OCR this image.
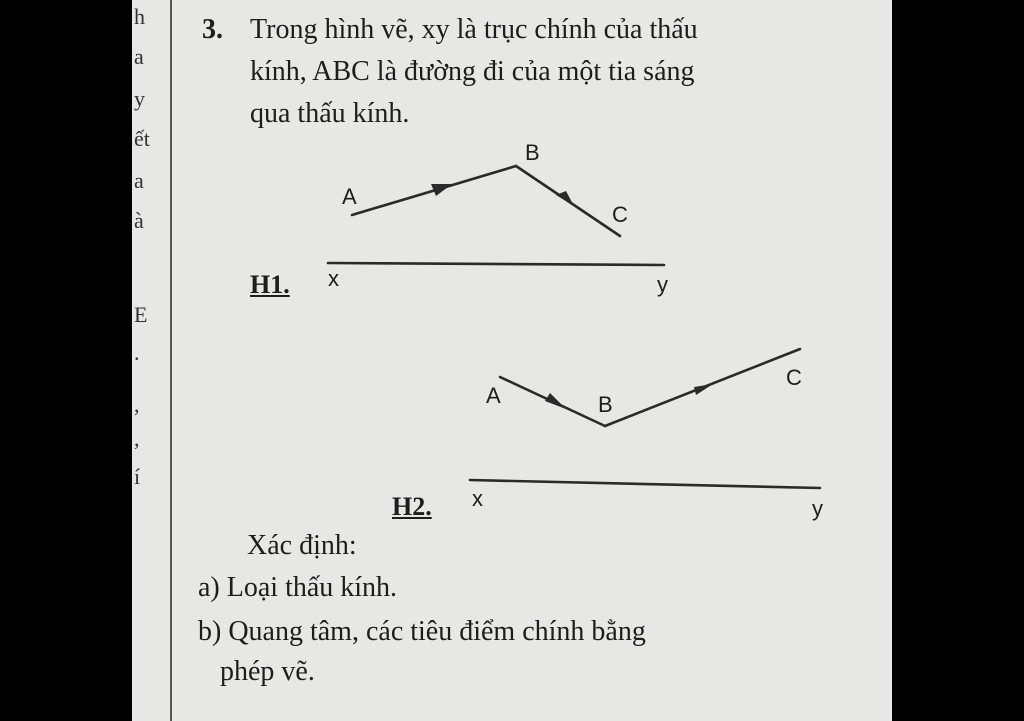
h
a
y
ết
a
à
E
.
,
,
í
3. Trong hình vẽ, xy là trục chính của thấu
kính, ABC là đường đi của một tia sáng
qua thấu kính.
A
B
C
x	y
H1.
A	B
C
x	y
H2.
Xác định:
a) Loại thấu kính.
b) Quang tâm, các tiêu điểm chính bằng
phép vẽ.
